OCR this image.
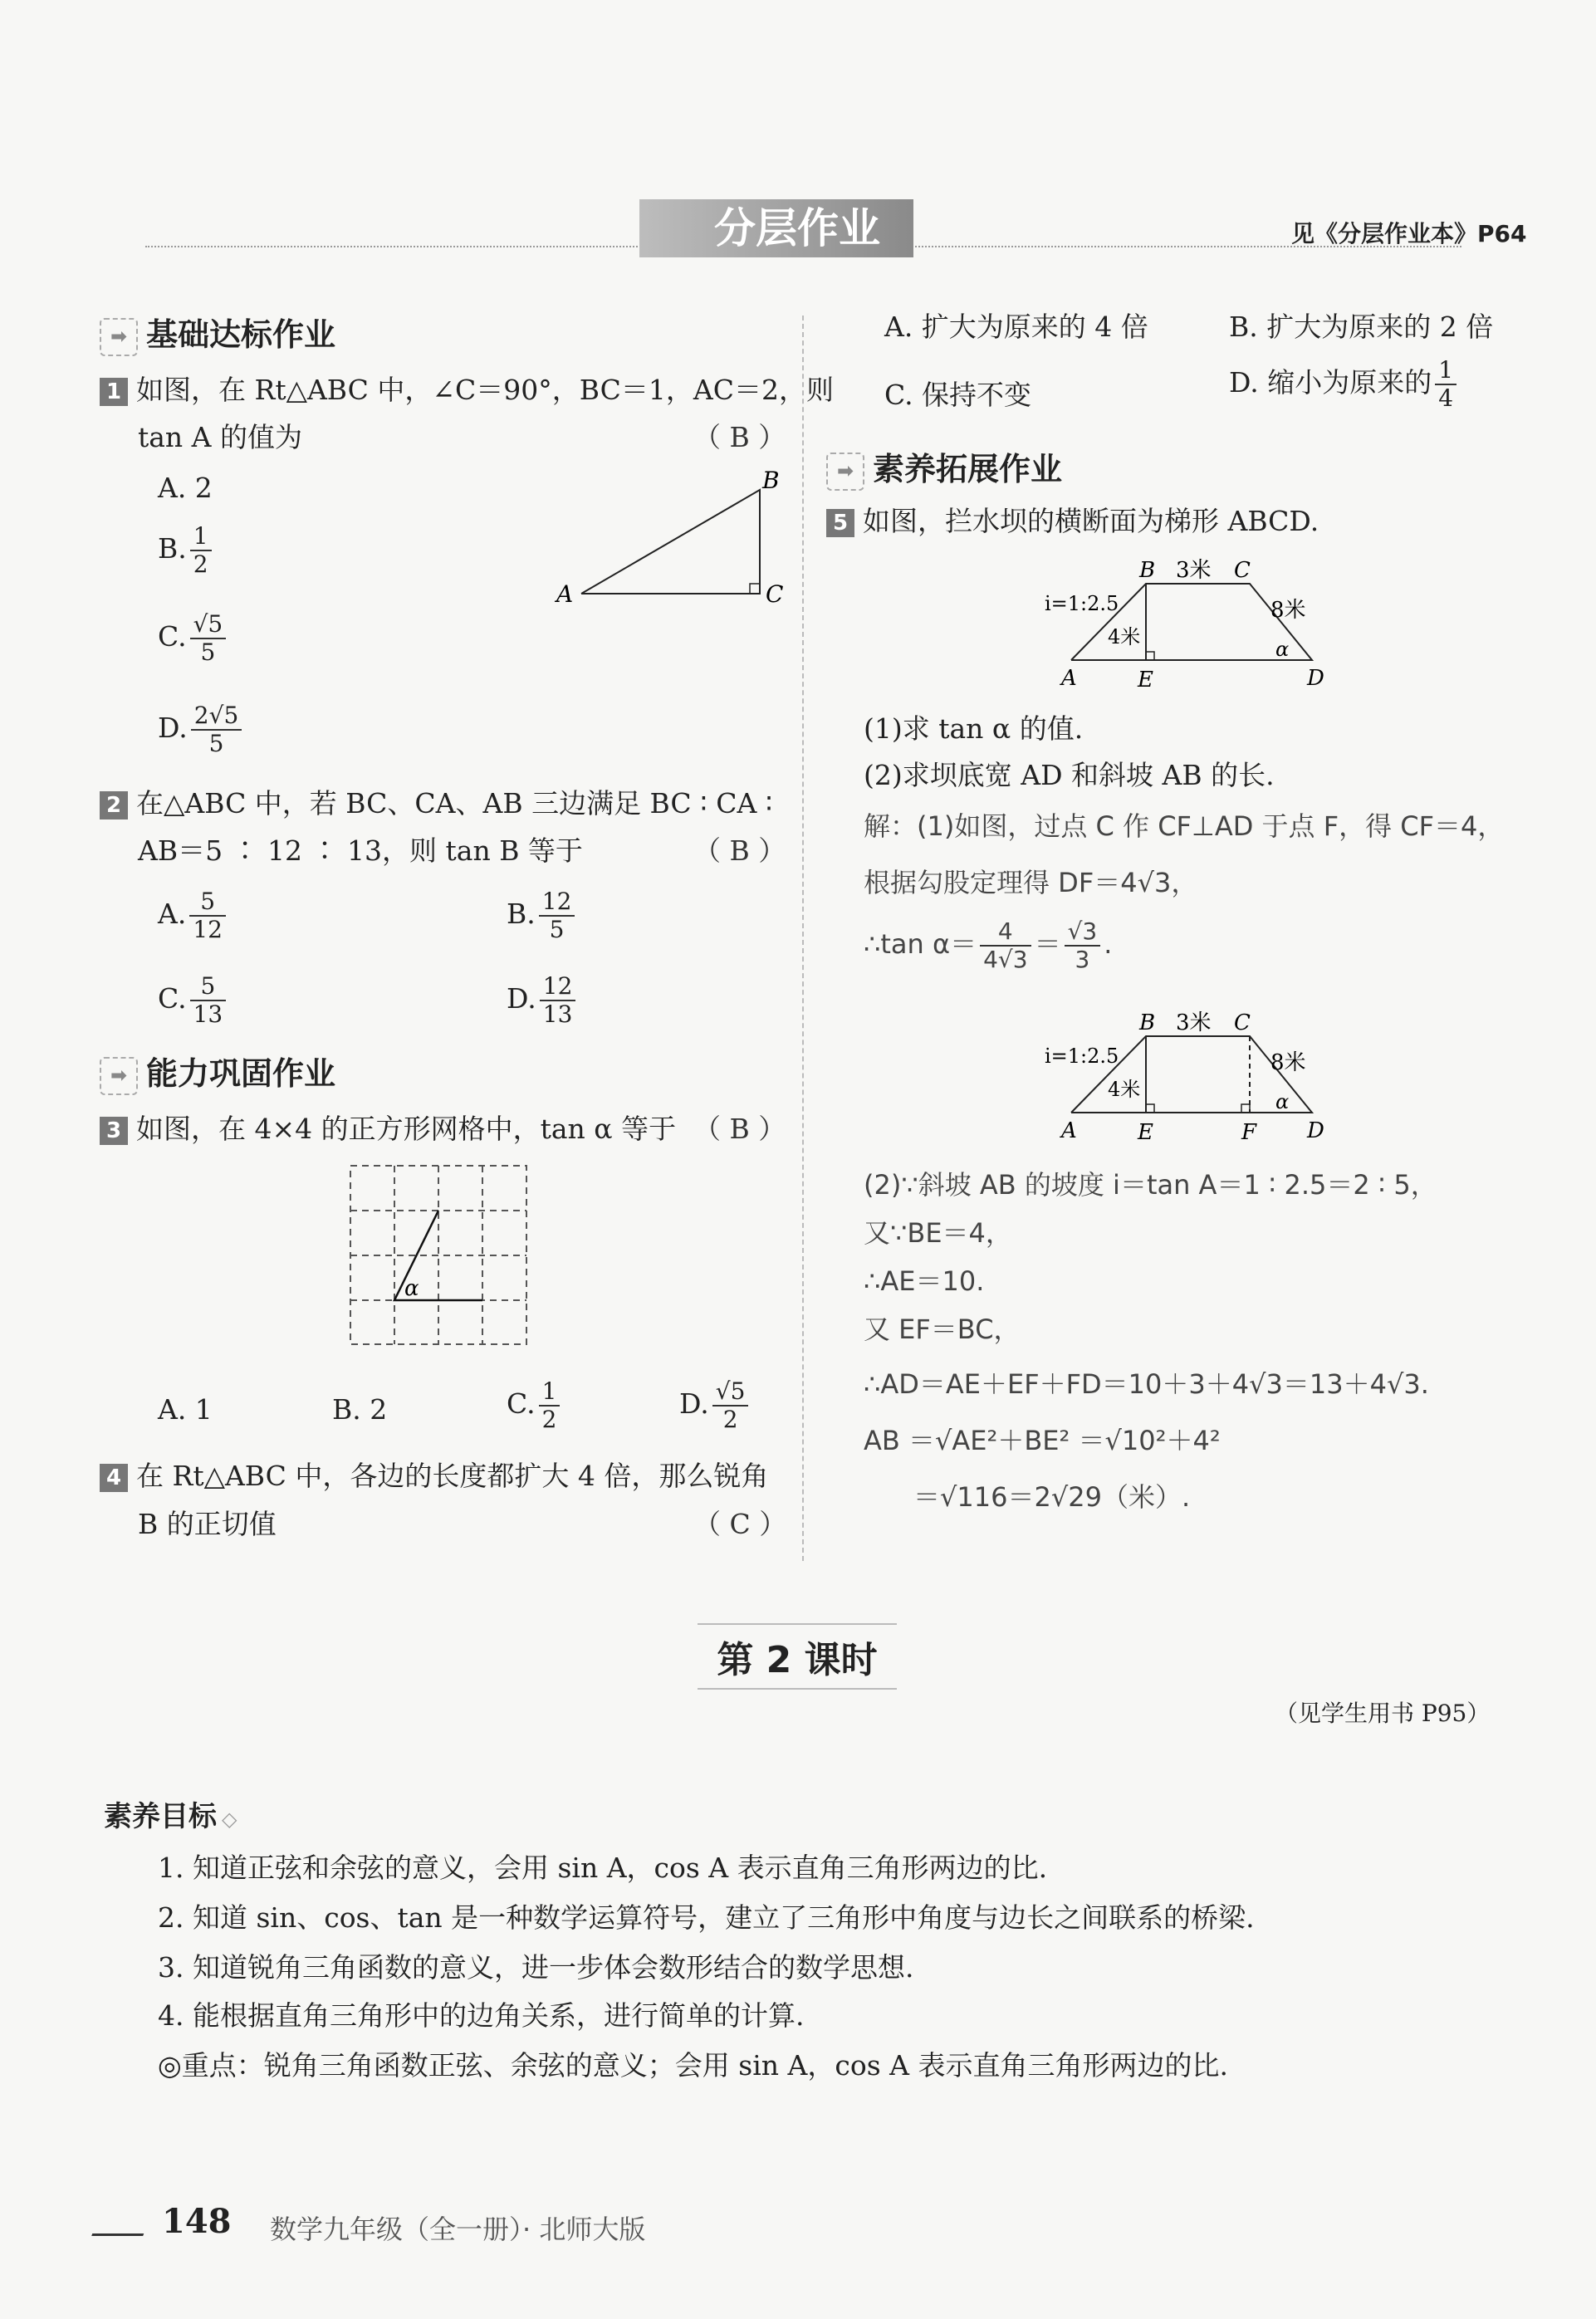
分层作业	见《分层作业本》P64
➡ 基础达标作业
1 如图，在 Rt△ABC 中，∠C＝90°，BC＝1，AC＝2，则
tan A 的值为	（ B ）
A. 2
B. $\frac{1}{2}$
C. $\frac{√5}{5}$
D. $\frac{2√5}{5}$
A
B
C
2 在△ABC 中，若 BC、CA、AB 三边满足 BC ∶ CA ∶
AB＝5 ∶ 12 ∶ 13，则 tan B 等于	（ B ）
A. $\frac{5}{12}$	B. $\frac{12}{5}$
C. $\frac{5}{13}$	D. $\frac{12}{13}$
➡ 能力巩固作业
3 如图，在 4×4 的正方形网格中，tan α 等于 （ B ）
α
A. 1	B. 2	C. $\frac{1}{2}$	D. $\frac{√5}{2}$
4 在 Rt△ABC 中，各边的长度都扩大 4 倍，那么锐角
B 的正切值	（ C ）
A. 扩大为原来的 4 倍	B. 扩大为原来的 2 倍
C. 保持不变	D. 缩小为原来的 $\frac{1}{4}$
➡ 素养拓展作业
5 如图，拦水坝的横断面为梯形 ABCD.
B 3米 C
i=1:2.5
4米
8米
α
A	E	D
(1)求 tan α 的值.
(2)求坝底宽 AD 和斜坡 AB 的长.
解：(1)如图，过点 C 作 CF⊥AD 于点 F，得 CF＝4，
根据勾股定理得 DF＝4√3，
∴tan $\alpha= \frac{4}{4√3} = \frac{√3}{3}$ .
B 3米 C
i=1:2.5
4米
8米
α
A	E	F D
(2)∵斜坡 AB 的坡度 i＝tan A＝1 ∶ 2.5＝2 ∶ 5，
又∵BE＝4，
∴AE＝10.
又 EF＝BC，
∴AD＝AE＋EF＋FD＝10＋3＋4√3＝13＋4√3.
AB ＝√AE²＋BE² ＝√10²＋4²
＝√116＝2√29（米）.
第 2 课时
（见学生用书 P95）
素养目标 ◇
1. 知道正弦和余弦的意义，会用 sin A，cos A 表示直角三角形两边的比.
2. 知道 sin、cos、tan 是一种数学运算符号，建立了三角形中角度与边长之间联系的桥梁.
3. 知道锐角三角函数的意义，进一步体会数形结合的数学思想.
4. 能根据直角三角形中的边角关系，进行简单的计算.
◎重点：锐角三角函数正弦、余弦的意义；会用 sin A，cos A 表示直角三角形两边的比.
148 数学九年级（全一册）· 北师大版
